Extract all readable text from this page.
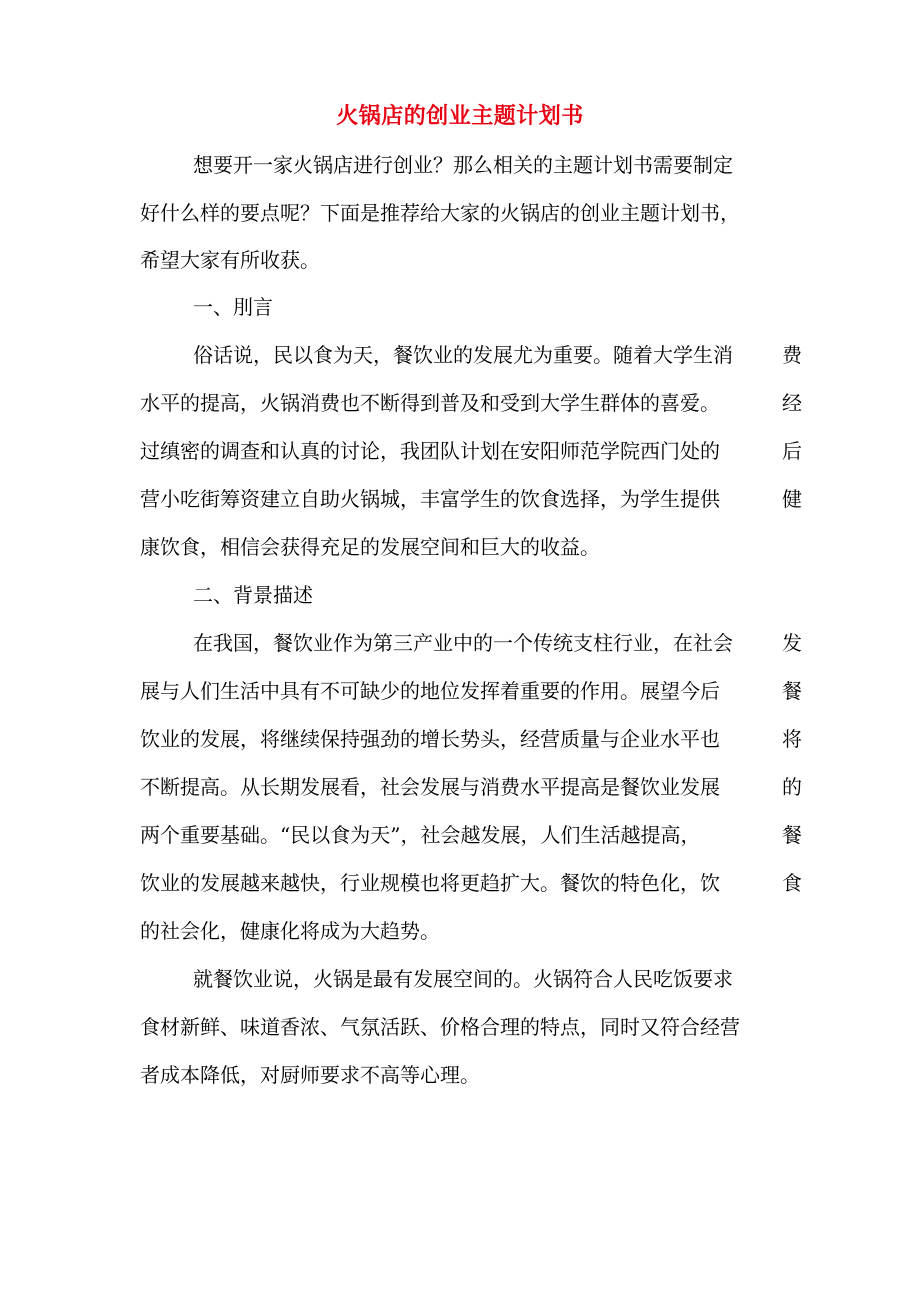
火锅店的创业主题计划书
想要开一家火锅店进行创业？那么相关的主题计划书需要制定
好什么样的要点呢？下面是推荐给大家的火锅店的创业主题计划书，
希望大家有所收获。
一、刖言
俗话说，民以食为天，餐饮业的发展尤为重要。随着大学生消 费
水平的提高，火锅消费也不断得到普及和受到大学生群体的喜爱。	经
过缜密的调查和认真的讨论，我团队计划在安阳师范学院西门处的	后
营小吃街筹资建立自助火锅城，丰富学生的饮食选择，为学生提供	健
康饮食，相信会获得充足的发展空间和巨大的收益。
二、背景描述
在我国，餐饮业作为第三产业中的一个传统支柱行业，在社会 发
展与人们生活中具有不可缺少的地位发挥着重要的作用。展望今后	餐
饮业的发展，将继续保持强劲的增长势头，经营质量与企业水平也	将
不断提高。从长期发展看，社会发展与消费水平提高是餐饮业发展	的
两个重要基础。“民以食为天”，社会越发展，人们生活越提高，	餐
饮业的发展越来越快，行业规模也将更趋扩大。餐饮的特色化，饮	食
的社会化，健康化将成为大趋势。
就餐饮业说，火锅是最有发展空间的。火锅符合人民吃饭要求
食材新鲜、味道香浓、气氛活跃、价格合理的特点，同时又符合经营
者成本降低，对厨师要求不高等心理。
